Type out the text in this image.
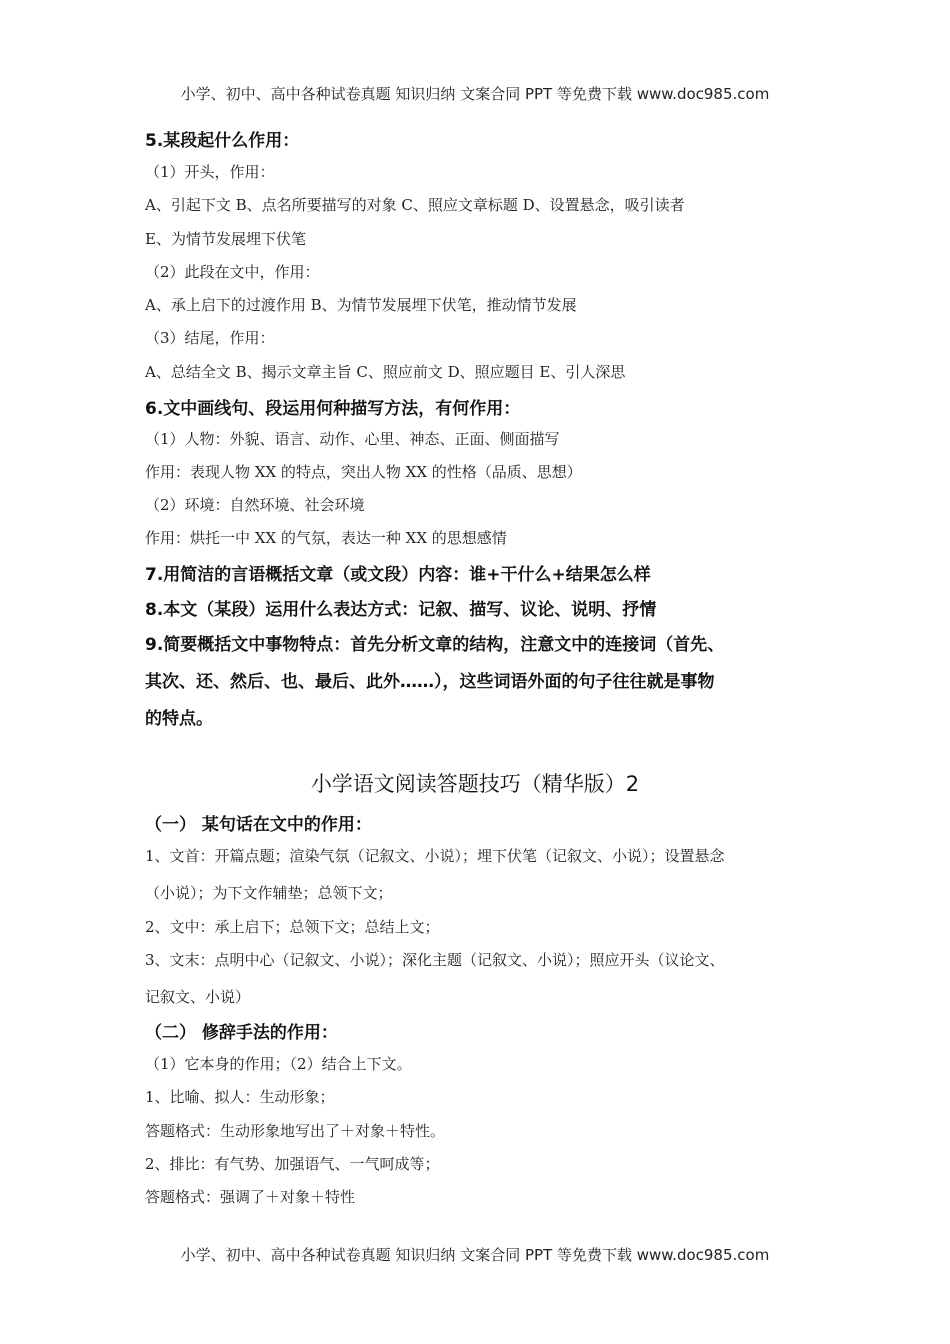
小学、初中、高中各种试卷真题 知识归纳 文案合同 PPT 等免费下载 www.doc985.com
5.某段起什么作用：
（1）开头，作用：
A、引起下文 B、点名所要描写的对象 C、照应文章标题 D、设置悬念，吸引读者
E、为情节发展埋下伏笔
（2）此段在文中，作用：
A、承上启下的过渡作用 B、为情节发展埋下伏笔，推动情节发展
（3）结尾，作用：
A、总结全文 B、揭示文章主旨 C、照应前文 D、照应题目 E、引人深思
6.文中画线句、段运用何种描写方法，有何作用：
（1）人物：外貌、语言、动作、心里、神态、正面、侧面描写
作用：表现人物 XX 的特点，突出人物 XX 的性格（品质、思想）
（2）环境：自然环境、社会环境
作用：烘托一中 XX 的气氛，表达一种 XX 的思想感情
7.用简洁的言语概括文章（或文段）内容：谁+干什么+结果怎么样
8.本文（某段）运用什么表达方式：记叙、描写、议论、说明、抒情
9.简要概括文中事物特点：首先分析文章的结构，注意文中的连接词（首先、
其次、还、然后、也、最后、此外……），这些词语外面的句子往往就是事物
的特点。
小学语文阅读答题技巧（精华版）2
（一） 某句话在文中的作用：
1、文首：开篇点题；渲染气氛（记叙文、小说）；埋下伏笔（记叙文、小说）；设置悬念
（小说）；为下文作辅垫；总领下文；
2、文中：承上启下；总领下文；总结上文；
3、文末：点明中心（记叙文、小说）；深化主题（记叙文、小说）；照应开头（议论文、
记叙文、小说）
（二） 修辞手法的作用：
（1）它本身的作用；（2）结合上下文。
1、比喻、拟人：生动形象；
答题格式：生动形象地写出了＋对象＋特性。
2、排比：有气势、加强语气、一气呵成等；
答题格式：强调了＋对象＋特性
小学、初中、高中各种试卷真题 知识归纳 文案合同 PPT 等免费下载 www.doc985.com
